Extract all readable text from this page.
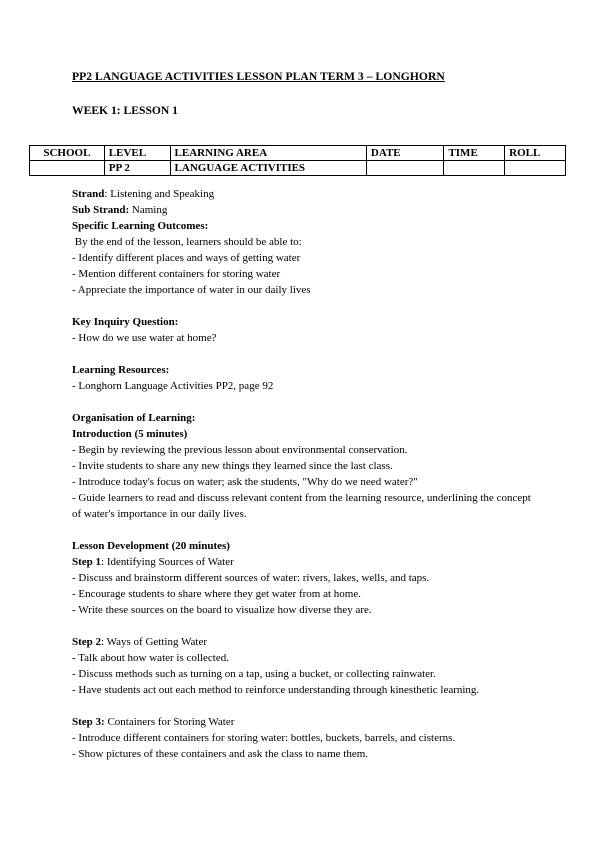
PP2 LANGUAGE ACTIVITIES LESSON PLAN TERM 3 – LONGHORN
WEEK 1: LESSON 1
SCHOOL	LEVEL	LEARNING AREA	DATE	TIME	ROLL
	PP 2	LANGUAGE ACTIVITIES			
Strand: Listening and Speaking
Sub Strand: Naming
Specific Learning Outcomes:
By the end of the lesson, learners should be able to:
- Identify different places and ways of getting water
- Mention different containers for storing water
- Appreciate the importance of water in our daily lives
Key Inquiry Question:
- How do we use water at home?
Learning Resources:
- Longhorn Language Activities PP2, page 92
Organisation of Learning:
Introduction (5 minutes)
- Begin by reviewing the previous lesson about environmental conservation.
- Invite students to share any new things they learned since the last class.
- Introduce today's focus on water; ask the students, "Why do we need water?"
- Guide learners to read and discuss relevant content from the learning resource, underlining the concept of water's importance in our daily lives.
Lesson Development (20 minutes)
Step 1: Identifying Sources of Water
- Discuss and brainstorm different sources of water: rivers, lakes, wells, and taps.
- Encourage students to share where they get water from at home.
- Write these sources on the board to visualize how diverse they are.
Step 2: Ways of Getting Water
- Talk about how water is collected.
- Discuss methods such as turning on a tap, using a bucket, or collecting rainwater.
- Have students act out each method to reinforce understanding through kinesthetic learning.
Step 3: Containers for Storing Water
- Introduce different containers for storing water: bottles, buckets, barrels, and cisterns.
- Show pictures of these containers and ask the class to name them.
